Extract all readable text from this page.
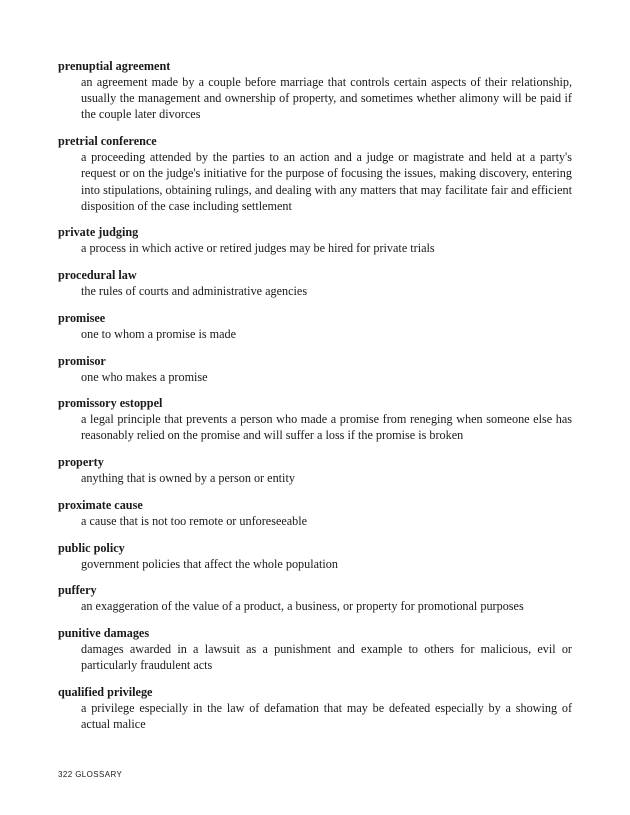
prenuptial agreement
an agreement made by a couple before marriage that controls certain aspects of their relationship, usually the management and ownership of property, and sometimes whether alimony will be paid if the couple later divorces
pretrial conference
a proceeding attended by the parties to an action and a judge or magistrate and held at a party's request or on the judge's initiative for the purpose of focusing the issues, making discovery, entering into stipulations, obtaining rulings, and dealing with any matters that may facilitate fair and efficient disposition of the case including settlement
private judging
a process in which active or retired judges may be hired for private trials
procedural law
the rules of courts and administrative agencies
promisee
one to whom a promise is made
promisor
one who makes a promise
promissory estoppel
a legal principle that prevents a person who made a promise from reneging when someone else has reasonably relied on the promise and will suffer a loss if the promise is broken
property
anything that is owned by a person or entity
proximate cause
a cause that is not too remote or unforeseeable
public policy
government policies that affect the whole population
puffery
an exaggeration of the value of a product, a business, or property for promotional purposes
punitive damages
damages awarded in a lawsuit as a punishment and example to others for malicious, evil or particularly fraudulent acts
qualified privilege
a privilege especially in the law of defamation that may be defeated especially by a showing of actual malice
322 GLOSSARY
